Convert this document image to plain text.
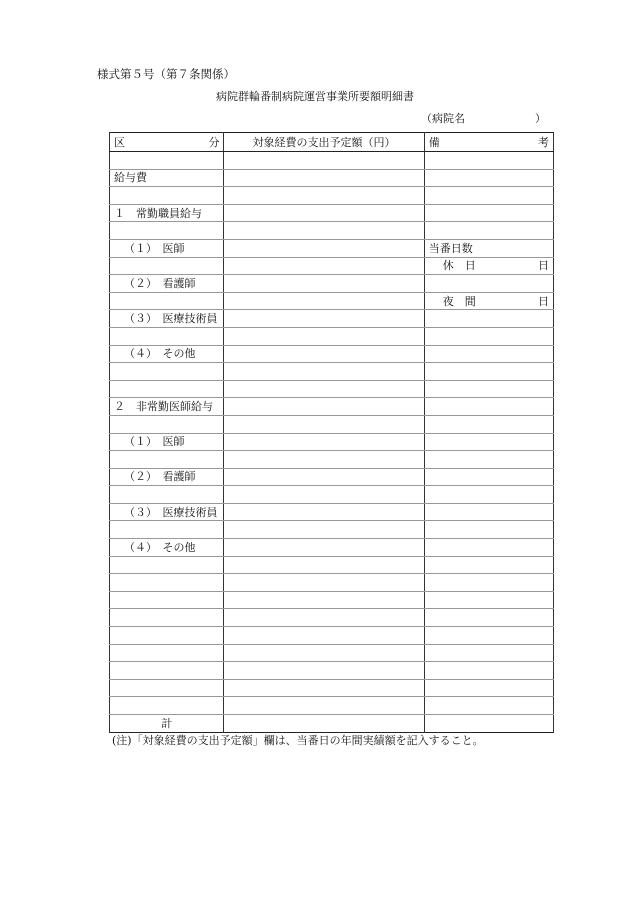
様式第５号（第７条関係）
病院群輪番制病院運営事業所要額明細書
（病院名	）
区 分	対象経費の支出予定額（円）	備 考

給与費		

１　常勤職員給与		

（１）　医師		当番日数

		休　日 日

（２）　看護師		

		夜　間 日

（３）　医療技術員		

（４）　その他		

２　非常勤医師給与		

（１）　医師		

（２）　看護師		

（３）　医療技術員		

（４）　その他		

計		
(注)「対象経費の支出予定額」欄は、当番日の年間実績額を記入すること。
